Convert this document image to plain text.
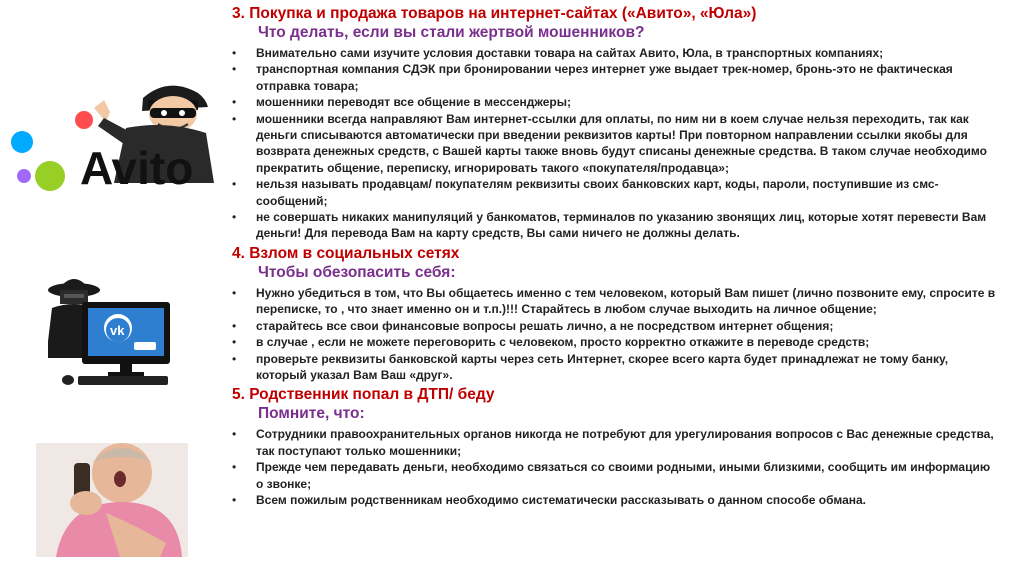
Avito
vk
3. Покупка и продажа товаров на интернет-сайтах («Авито», «Юла»)
Что делать, если вы стали жертвой мошенников?
• Внимательно сами изучите условия доставки товара на сайтах Авито, Юла, в транспортных компаниях;
• транспортная компания СДЭК при бронировании через интернет уже выдает трек-номер, бронь-это не фактическая отправка товара;
• мошенники переводят все общение в мессенджеры;
• мошенники всегда направляют Вам интернет-ссылки для оплаты, по ним ни в коем случае нельзя переходить, так как деньги списываются автоматически при введении реквизитов карты! При повторном направлении ссылки якобы для возврата денежных средств, с Вашей карты также вновь будут списаны денежные средства. В таком случае необходимо прекратить общение, переписку, игнорировать такого «покупателя/продавца»;
• нельзя называть продавцам/ покупателям реквизиты своих банковских карт, коды, пароли, поступившие из смс-сообщений;
• не совершать никаких манипуляций у банкоматов, терминалов по указанию звонящих лиц, которые хотят перевести Вам деньги! Для перевода Вам на карту средств, Вы сами ничего не должны делать.
4. Взлом в социальных сетях
Чтобы обезопасить себя:
• Нужно убедиться в том, что Вы общаетесь именно с тем человеком, который Вам пишет (лично позвоните ему, спросите в переписке, то , что знает именно он и т.п.)!!! Старайтесь в любом случае выходить на личное общение;
• старайтесь все свои финансовые вопросы решать лично, а не посредством интернет общения;
• в случае , если не можете переговорить с человеком, просто корректно откажите в переводе средств;
• проверьте реквизиты банковской карты через сеть Интернет, скорее всего карта будет принадлежат не тому банку, который указал Вам Ваш «друг».
5. Родственник попал в ДТП/ беду
Помните, что:
• Сотрудники правоохранительных органов никогда не потребуют для урегулирования вопросов с Вас денежные средства, так поступают только мошенники;
• Прежде чем передавать деньги, необходимо связаться со своими родными, иными близкими, сообщить им информацию о звонке;
• Всем пожилым родственникам необходимо систематически рассказывать о данном способе обмана.
